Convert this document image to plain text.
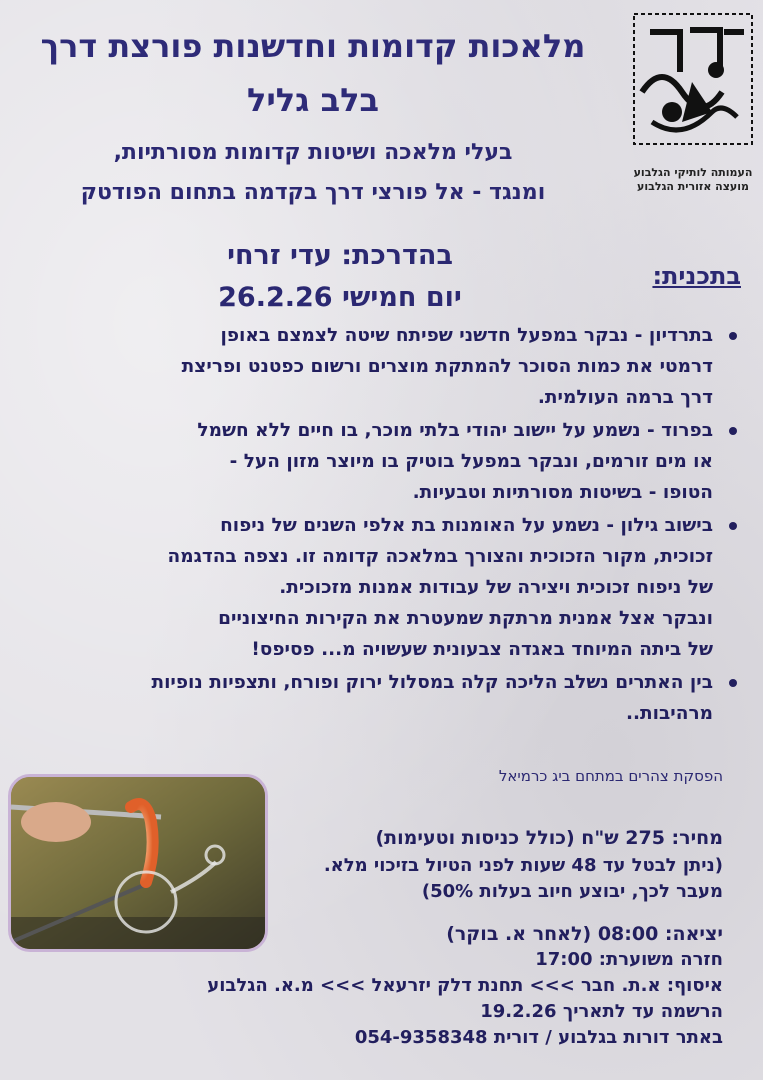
העמותה לותיקי הגלבוע
מועצה אזורית הגלבוע
מלאכות קדומות וחדשנות פורצת דרך
בלב גליל
בעלי מלאכה ושיטות קדומות מסורתיות,
ומנגד - אל פורצי דרך בקדמה בתחום הפודטק
בהדרכת: עדי זרחי
יום חמישי 26.2.26
בתכנית:
בתרדיון - נבקר במפעל חדשני שפיתח שיטה לצמצם באופן
דרמטי את כמות הסוכר להמתקת מוצרים ורשום כפטנט ופריצת
דרך ברמה העולמית.
בפרוד - נשמע על יישוב יהודי בלתי מוכר, בו חיים ללא חשמל
או מים זורמים, ונבקר במפעל בוטיק בו מיוצר מזון העל -
הטופו - בשיטות מסורתיות וטבעיות.
בישוב גילון - נשמע על האומנות בת אלפי השנים של ניפוח
זכוכית, מקור הזכוכית והצורך במלאכה קדומה זו. נצפה בהדגמה
של ניפוח זכוכית ויצירה של עבודות אמנות מזכוכית.
ונבקר אצל אמנית מרתקת שמעטרת את הקירות החיצוניים
של ביתה המיוחד באגדה צבעונית שעשויה מ... פסיפס!
בין האתרים נשלב הליכה קלה במסלול ירוק ופורח, ותצפיות נופיות
מרהיבות..
הפסקת צהרים במתחם ביג כרמיאל
מחיר: 275 ש"ח (כולל כניסות וטעימות)
(ניתן לבטל עד 48 שעות לפני הטיול בזיכוי מלא.
מעבר לכך, יבוצע חיוב בעלות 50%)
יציאה: 08:00 (לאחר א. בוקר)
חזרה משוערת: 17:00
איסוף: א.ת. חבר >>> תחנת דלק יזרעאל >>> מ.א. הגלבוע
הרשמה עד לתאריך 19.2.26
באתר דורות בגלבוע / דורית 054-9358348
